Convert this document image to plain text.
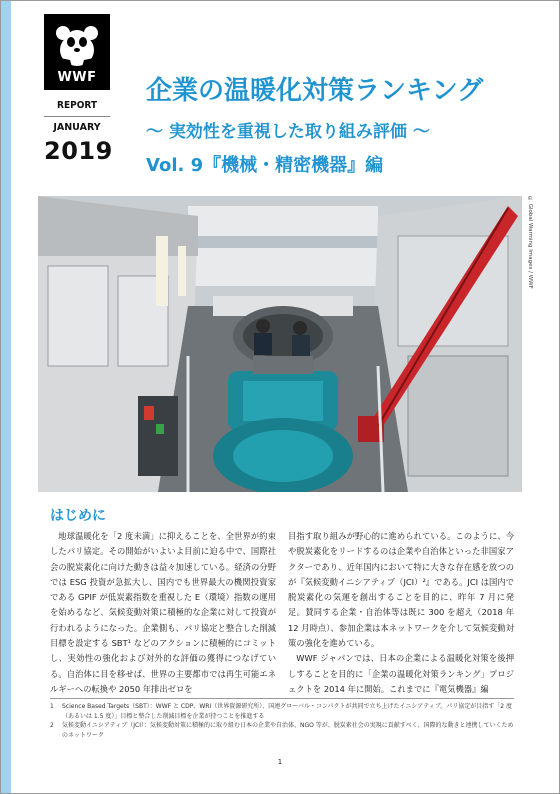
WWF
REPORT
JANUARY
2019
企業の温暖化対策ランキング
〜 実効性を重視した取り組み評価 〜
Vol. 9『機械・精密機器』編
© Global Warming Images / WWF
はじめに
地球温暖化を「2 度未満」に抑えることを、全世界が約束したパリ協定。その開始がいよいよ目前に迫る中で、国際社会の脱炭素化に向けた動きは益々加速している。経済の分野では ESG 投資が急拡大し、国内でも世界最大の機関投資家である GPIF が低炭素指数を重視した E（環境）指数の運用を始めるなど、気候変動対策に積極的な企業に対して投資が行われるようになった。企業側も、パリ協定と整合した削減目標を設定する SBT¹ などのアクションに積極的にコミットし、実効性の強化および対外的な評価の獲得につなげている。自治体に目を移せば、世界の主要都市では再生可能エネルギーへの転換や 2050 年排出ゼロを
目指す取り組みが野心的に進められている。このように、今や脱炭素化をリードするのは企業や自治体といった非国家アクターであり、近年国内において特に大きな存在感を放つのが『気候変動イニシアティブ（JCI）²』である。JCI は国内で脱炭素化の気運を創出することを目的に、昨年 7 月に発足。賛同する企業・自治体等は既に 300 を超え（2018 年 12 月時点）、参加企業は本ネットワークを介して気候変動対策の強化を進めている。
WWF ジャパンでは、日本の企業による温暖化対策を後押しすることを目的に「企業の温暖化対策ランキング」プロジェクトを 2014 年に開始。これまでに『電気機器』編
1	Science Based Targets（SBT）：WWF と CDP、WRI（世界資源研究所）、国連グローバル・コンパクトが共同で立ち上げたイニシアティブ。パリ協定が目指す「2 度（あるいは 1.5 度）」目標と整合した削減目標を企業が持つことを推進する
2	気候変動イニシアティブ（JCI）：気候変動対策に積極的に取り組む日本の企業や自治体、NGO 等が、脱炭素社会の実現に貢献すべく、国際的な動きと連携していくためのネットワーク
1
